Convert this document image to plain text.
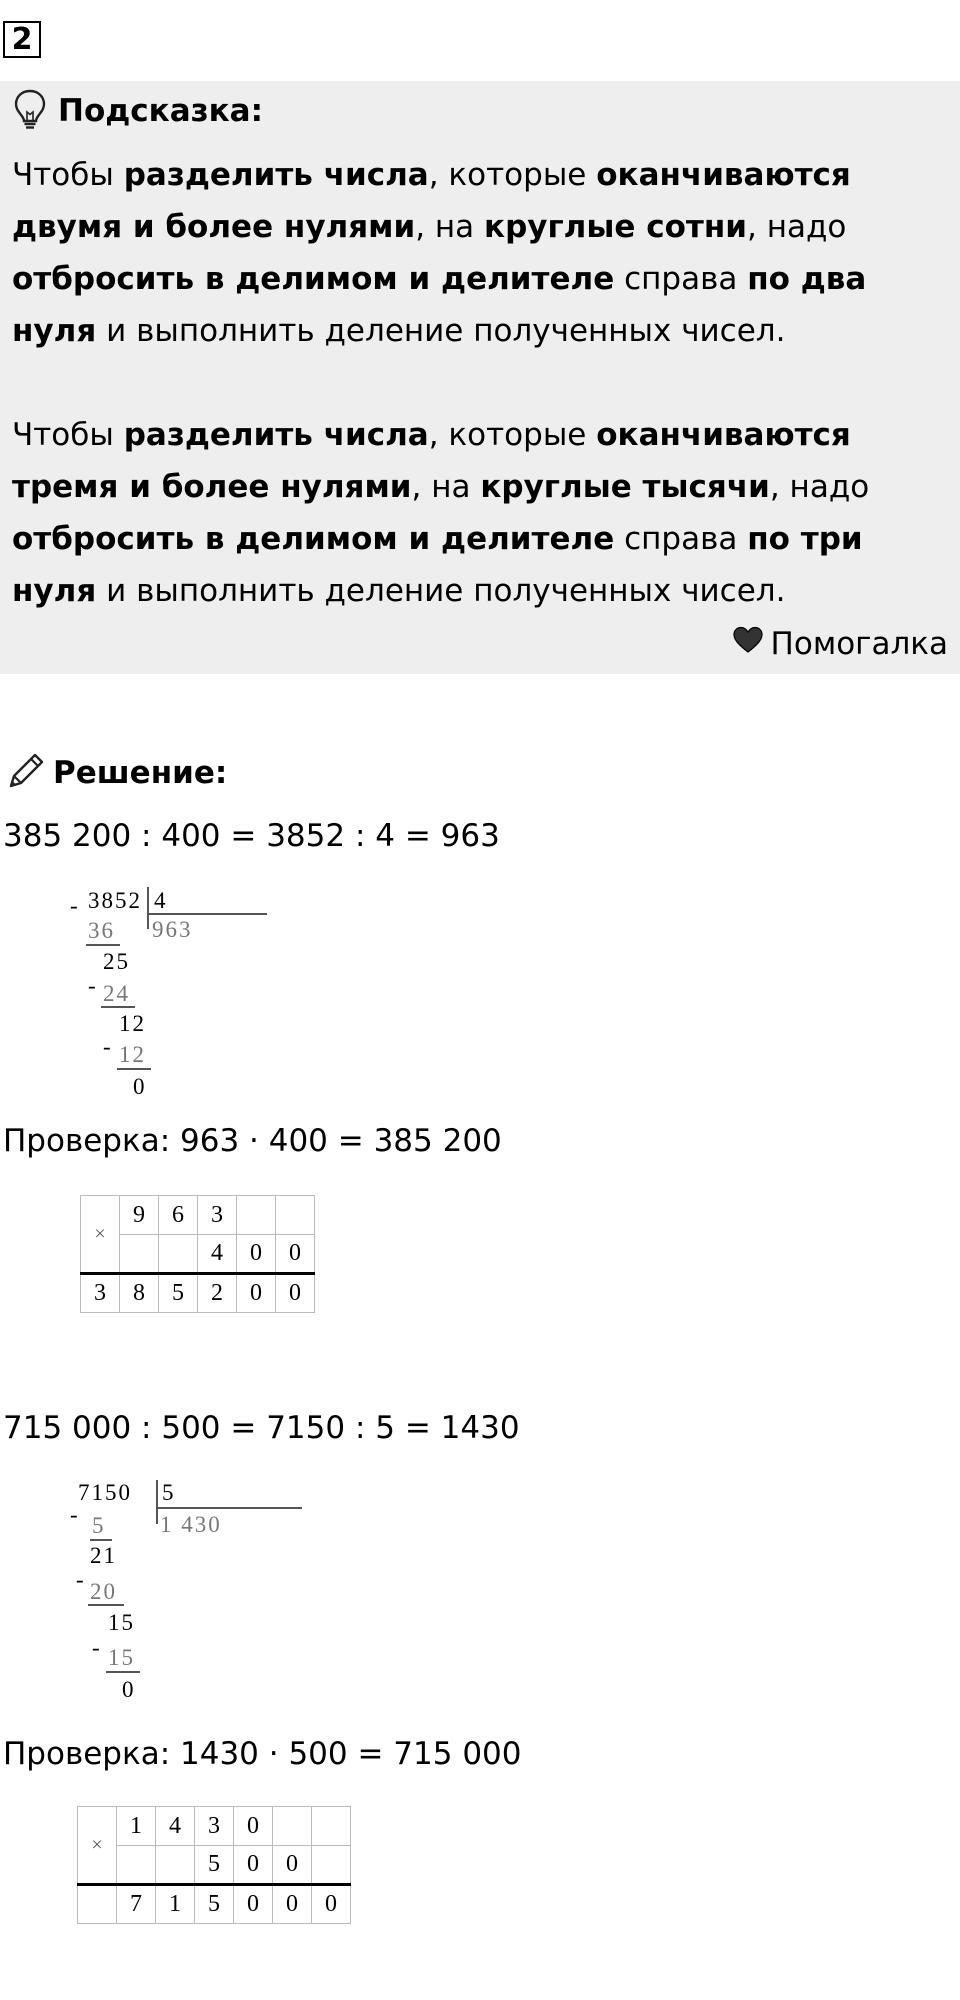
2
Подсказка:

Чтобы разделить числа, которые оканчиваются двумя и более нулями, на круглые сотни, надо отбросить в делимом и делителе справа по два нуля и выполнить деление полученных чисел.

Чтобы разделить числа, которые оканчиваются тремя и более нулями, на круглые тысячи, надо отбросить в делимом и делителе справа по три нуля и выполнить деление полученных чисел.

Помогалка
Решение:
385 200 : 400 = 3852 : 4 = 963
- 3852 4
963
36
25
- 24
12
- 12
0
Проверка: 963 · 400 = 385 200
×	9	6	3		
			4	0	0
3	8	5	2	0	0
715 000 : 500 = 7150 : 5 = 1430
7150
-
5
1 430
5
21
- 20
15
- 15
0
Проверка: 1430 · 500 = 715 000
×	1	4	3	0		
			5	0	0	
	7	1	5	0	0	0
